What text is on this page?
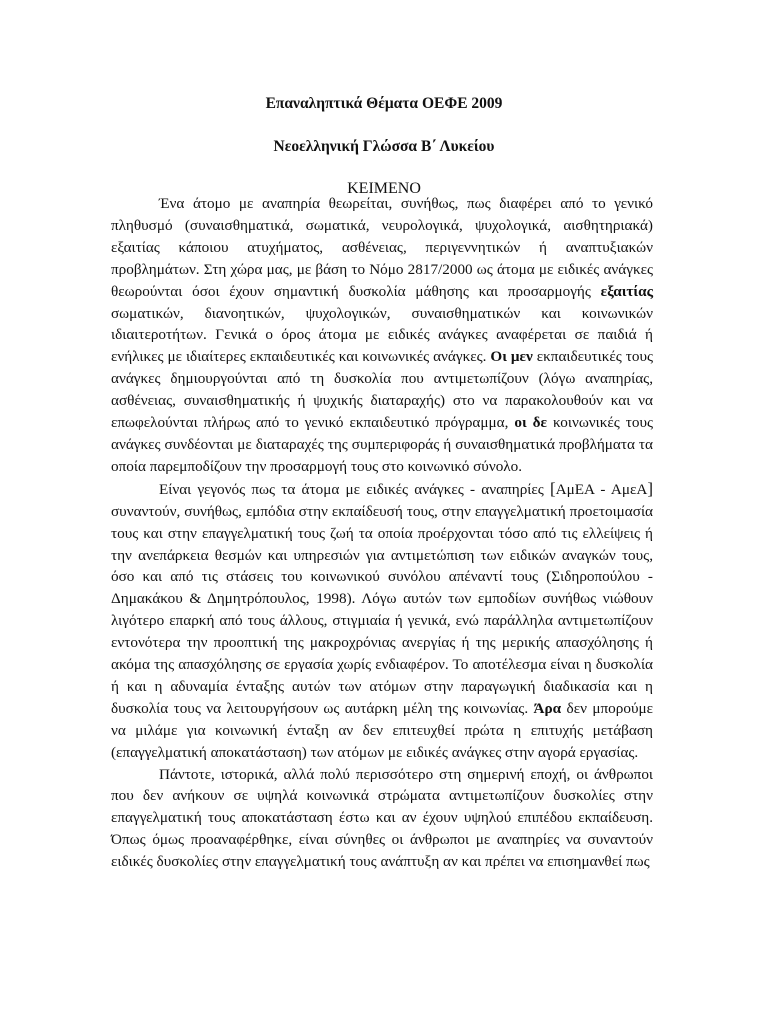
Επαναληπτικά Θέματα ΟΕΦΕ 2009
Νεοελληνική Γλώσσα Β΄ Λυκείου
ΚΕΙΜΕΝΟ

Ένα άτομο με αναπηρία θεωρείται, συνήθως, πως διαφέρει από το γενικό πληθυσμό (συναισθηματικά, σωματικά, νευρολογικά, ψυχολογικά, αισθητηριακά) εξαιτίας κάποιου ατυχήματος, ασθένειας, περιγεννητικών ή αναπτυξιακών προβλημάτων. Στη χώρα μας, με βάση το Νόμο 2817/2000 ως άτομα με ειδικές ανάγκες θεωρούνται όσοι έχουν σημαντική δυσκολία μάθησης και προσαρμογής εξαιτίας σωματικών, διανοητικών, ψυχολογικών, συναισθηματικών και κοινωνικών ιδιαιτεροτήτων. Γενικά ο όρος άτομα με ειδικές ανάγκες αναφέρεται σε παιδιά ή ενήλικες με ιδιαίτερες εκπαιδευτικές και κοινωνικές ανάγκες. Οι μεν εκπαιδευτικές τους ανάγκες δημιουργούνται από τη δυσκολία που αντιμετωπίζουν (λόγω αναπηρίας, ασθένειας, συναισθηματικής ή ψυχικής διαταραχής) στο να παρακολουθούν και να επωφελούνται πλήρως από το γενικό εκπαιδευτικό πρόγραμμα, οι δε κοινωνικές τους ανάγκες συνδέονται με διαταραχές της συμπεριφοράς ή συναισθηματικά προβλήματα τα οποία παρεμποδίζουν την προσαρμογή τους στο κοινωνικό σύνολο.

Είναι γεγονός πως τα άτομα με ειδικές ανάγκες - αναπηρίες [ΑμΕΑ - ΑμεΑ] συναντούν, συνήθως, εμπόδια στην εκπαίδευσή τους, στην επαγγελματική προετοιμασία τους και στην επαγγελματική τους ζωή τα οποία προέρχονται τόσο από τις ελλείψεις ή την ανεπάρκεια θεσμών και υπηρεσιών για αντιμετώπιση των ειδικών αναγκών τους, όσο και από τις στάσεις του κοινωνικού συνόλου απέναντί τους (Σιδηροπούλου - Δημακάκου & Δημητρόπουλος, 1998). Λόγω αυτών των εμποδίων συνήθως νιώθουν λιγότερο επαρκή από τους άλλους, στιγμιαία ή γενικά, ενώ παράλληλα αντιμετωπίζουν εντονότερα την προοπτική της μακροχρόνιας ανεργίας ή της μερικής απασχόλησης ή ακόμα της απασχόλησης σε εργασία χωρίς ενδιαφέρον. Το αποτέλεσμα είναι η δυσκολία ή και η αδυναμία ένταξης αυτών των ατόμων στην παραγωγική διαδικασία και η δυσκολία τους να λειτουργήσουν ως αυτάρκη μέλη της κοινωνίας. Άρα δεν μπορούμε να μιλάμε για κοινωνική ένταξη αν δεν επιτευχθεί πρώτα η επιτυχής μετάβαση (επαγγελματική αποκατάσταση) των ατόμων με ειδικές ανάγκες στην αγορά εργασίας.

Πάντοτε, ιστορικά, αλλά πολύ περισσότερο στη σημερινή εποχή, οι άνθρωποι που δεν ανήκουν σε υψηλά κοινωνικά στρώματα αντιμετωπίζουν δυσκολίες στην επαγγελματική τους αποκατάσταση έστω και αν έχουν υψηλού επιπέδου εκπαίδευση. Όπως όμως προαναφέρθηκε, είναι σύνηθες οι άνθρωποι με αναπηρίες να συναντούν ειδικές δυσκολίες στην επαγγελματική τους ανάπτυξη αν και πρέπει να επισημανθεί πως
